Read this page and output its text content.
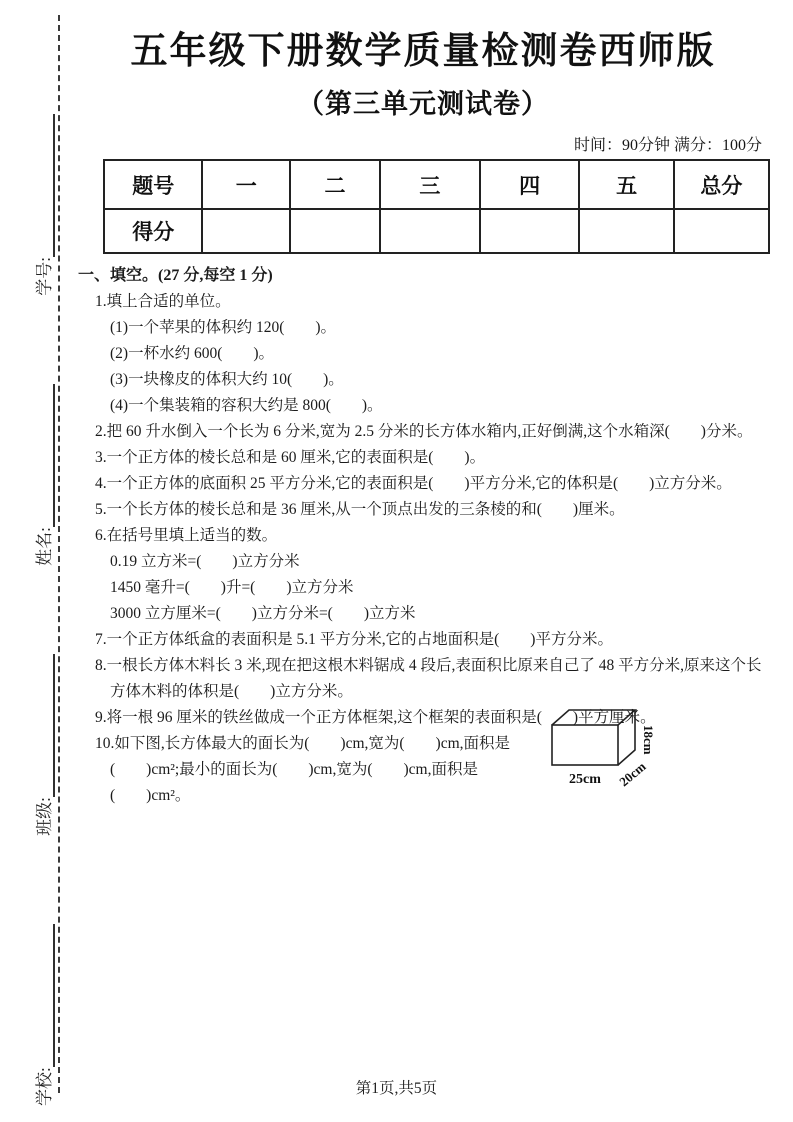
学校:
班级:
姓名:
学号:
五年级下册数学质量检测卷西师版
（第三单元测试卷）
时间：90分钟 满分：100分
题号	一	二	三	四	五	总分
得分						
一、填空。(27 分,每空 1 分)
1.填上合适的单位。
(1)一个苹果的体积约 120(　　)。
(2)一杯水约 600(　　)。
(3)一块橡皮的体积大约 10(　　)。
(4)一个集装箱的容积大约是 800(　　)。
2.把 60 升水倒入一个长为 6 分米,宽为 2.5 分米的长方体水箱内,正好倒满,这个水箱深(　　)分米。
3.一个正方体的棱长总和是 60 厘米,它的表面积是(　　)。
4.一个正方体的底面积 25 平方分米,它的表面积是(　　)平方分米,它的体积是(　　)立方分米。
5.一个长方体的棱长总和是 36 厘米,从一个顶点出发的三条棱的和(　　)厘米。
6.在括号里填上适当的数。
0.19 立方米=(　　)立方分米
1450 毫升=(　　)升=(　　)立方分米
3000 立方厘米=(　　)立方分米=(　　)立方米
7.一个正方体纸盒的表面积是 5.1 平方分米,它的占地面积是(　　)平方分米。
8.一根长方体木料长 3 米,现在把这根木料锯成 4 段后,表面积比原来自己了 48 平方分米,原来这个长方体木料的体积是(　　)立方分米。
9.将一根 96 厘米的铁丝做成一个正方体框架,这个框架的表面积是(　　)平方厘米。
25cm 20cm
18cm
10.如下图,长方体最大的面长为(　　)cm,宽为(　　)cm,面积是(　　)cm²;最小的面长为(　　)cm,宽为(　　)cm,面积是(　　)cm²。
第1页,共5页
